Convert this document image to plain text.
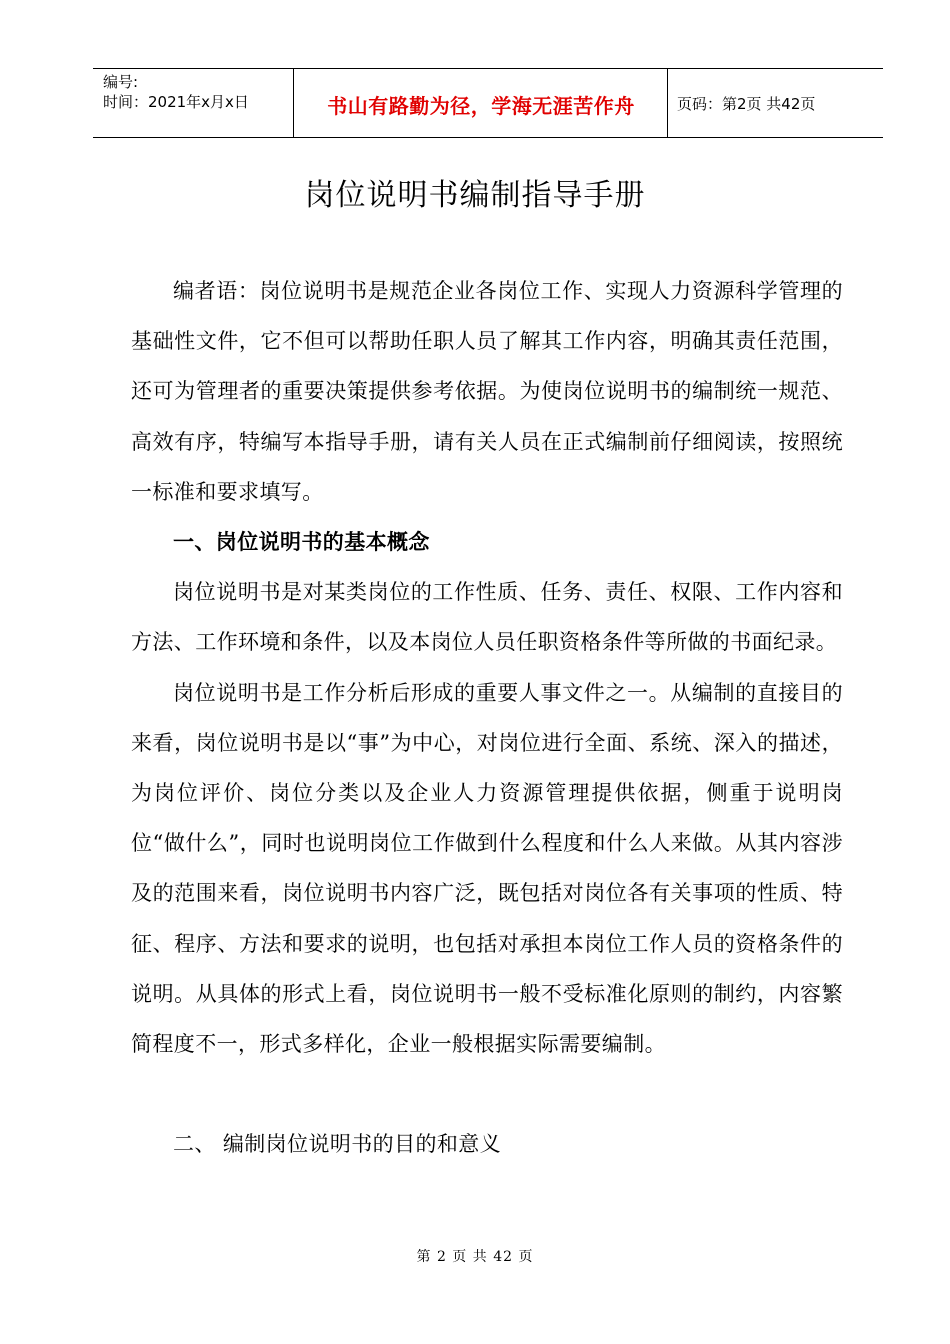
编号:
时间：2021年x月x日	书山有路勤为径，学海无涯苦作舟	页码：第2页 共42页
岗位说明书编制指导手册

编者语：岗位说明书是规范企业各岗位工作、实现人力资源科学管理的基础性文件，它不但可以帮助任职人员了解其工作内容，明确其责任范围，还可为管理者的重要决策提供参考依据。为使岗位说明书的编制统一规范、高效有序，特编写本指导手册，请有关人员在正式编制前仔细阅读，按照统一标准和要求填写。

一、岗位说明书的基本概念

岗位说明书是对某类岗位的工作性质、任务、责任、权限、工作内容和方法、工作环境和条件，以及本岗位人员任职资格条件等所做的书面纪录。

岗位说明书是工作分析后形成的重要人事文件之一。从编制的直接目的来看，岗位说明书是以“事”为中心，对岗位进行全面、系统、深入的描述，为岗位评价、岗位分类以及企业人力资源管理提供依据，侧重于说明岗位“做什么”，同时也说明岗位工作做到什么程度和什么人来做。从其内容涉及的范围来看，岗位说明书内容广泛，既包括对岗位各有关事项的性质、特征、程序、方法和要求的说明，也包括对承担本岗位工作人员的资格条件的说明。从具体的形式上看，岗位说明书一般不受标准化原则的制约，内容繁简程度不一，形式多样化，企业一般根据实际需要编制。

二、 编制岗位说明书的目的和意义
第 2 页 共 42 页
